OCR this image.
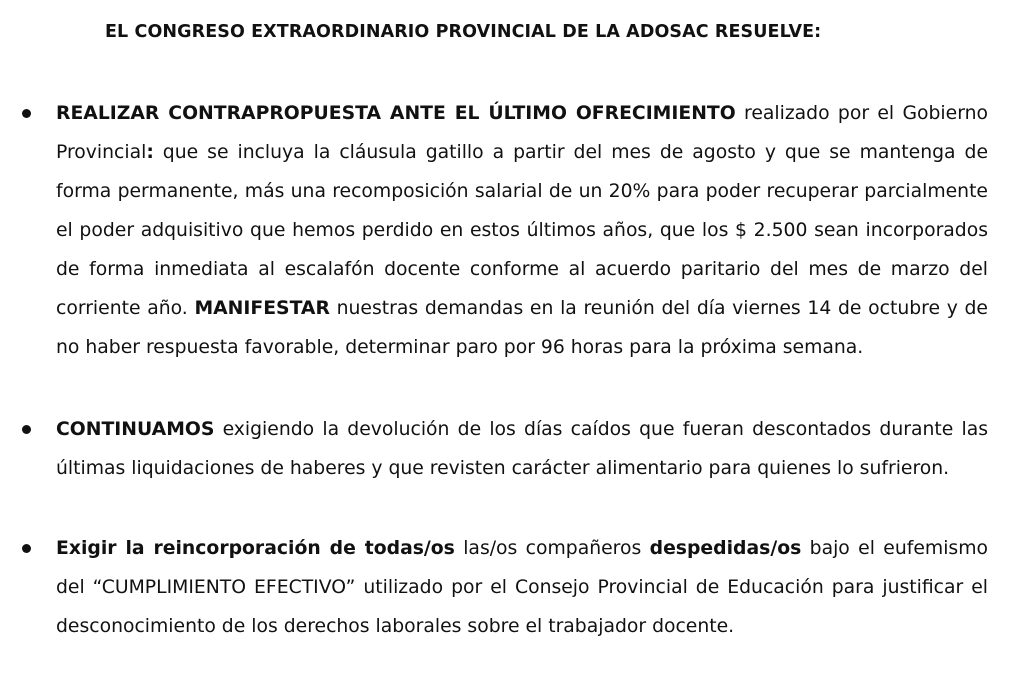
EL CONGRESO EXTRAORDINARIO PROVINCIAL DE LA ADOSAC RESUELVE:
REALIZAR CONTRAPROPUESTA ANTE EL ÚLTIMO OFRECIMIENTO realizado por el Gobierno Provincial: que se incluya la cláusula gatillo a partir del mes de agosto y que se mantenga de forma permanente, más una recomposición salarial de un 20% para poder recuperar parcialmente el poder adquisitivo que hemos perdido en estos últimos años, que los $ 2.500 sean incorporados de forma inmediata al escalafón docente conforme al acuerdo paritario del mes de marzo del corriente año. MANIFESTAR nuestras demandas en la reunión del día viernes 14 de octubre y de no haber respuesta favorable, determinar paro por 96 horas para la próxima semana.
CONTINUAMOS exigiendo la devolución de los días caídos que fueran descontados durante las últimas liquidaciones de haberes y que revisten carácter alimentario para quienes lo sufrieron.
Exigir la reincorporación de todas/os las/os compañeros despedidas/os bajo el eufemismo del “CUMPLIMIENTO EFECTIVO” utilizado por el Consejo Provincial de Educación para justificar el desconocimiento de los derechos laborales sobre el trabajador docente.
